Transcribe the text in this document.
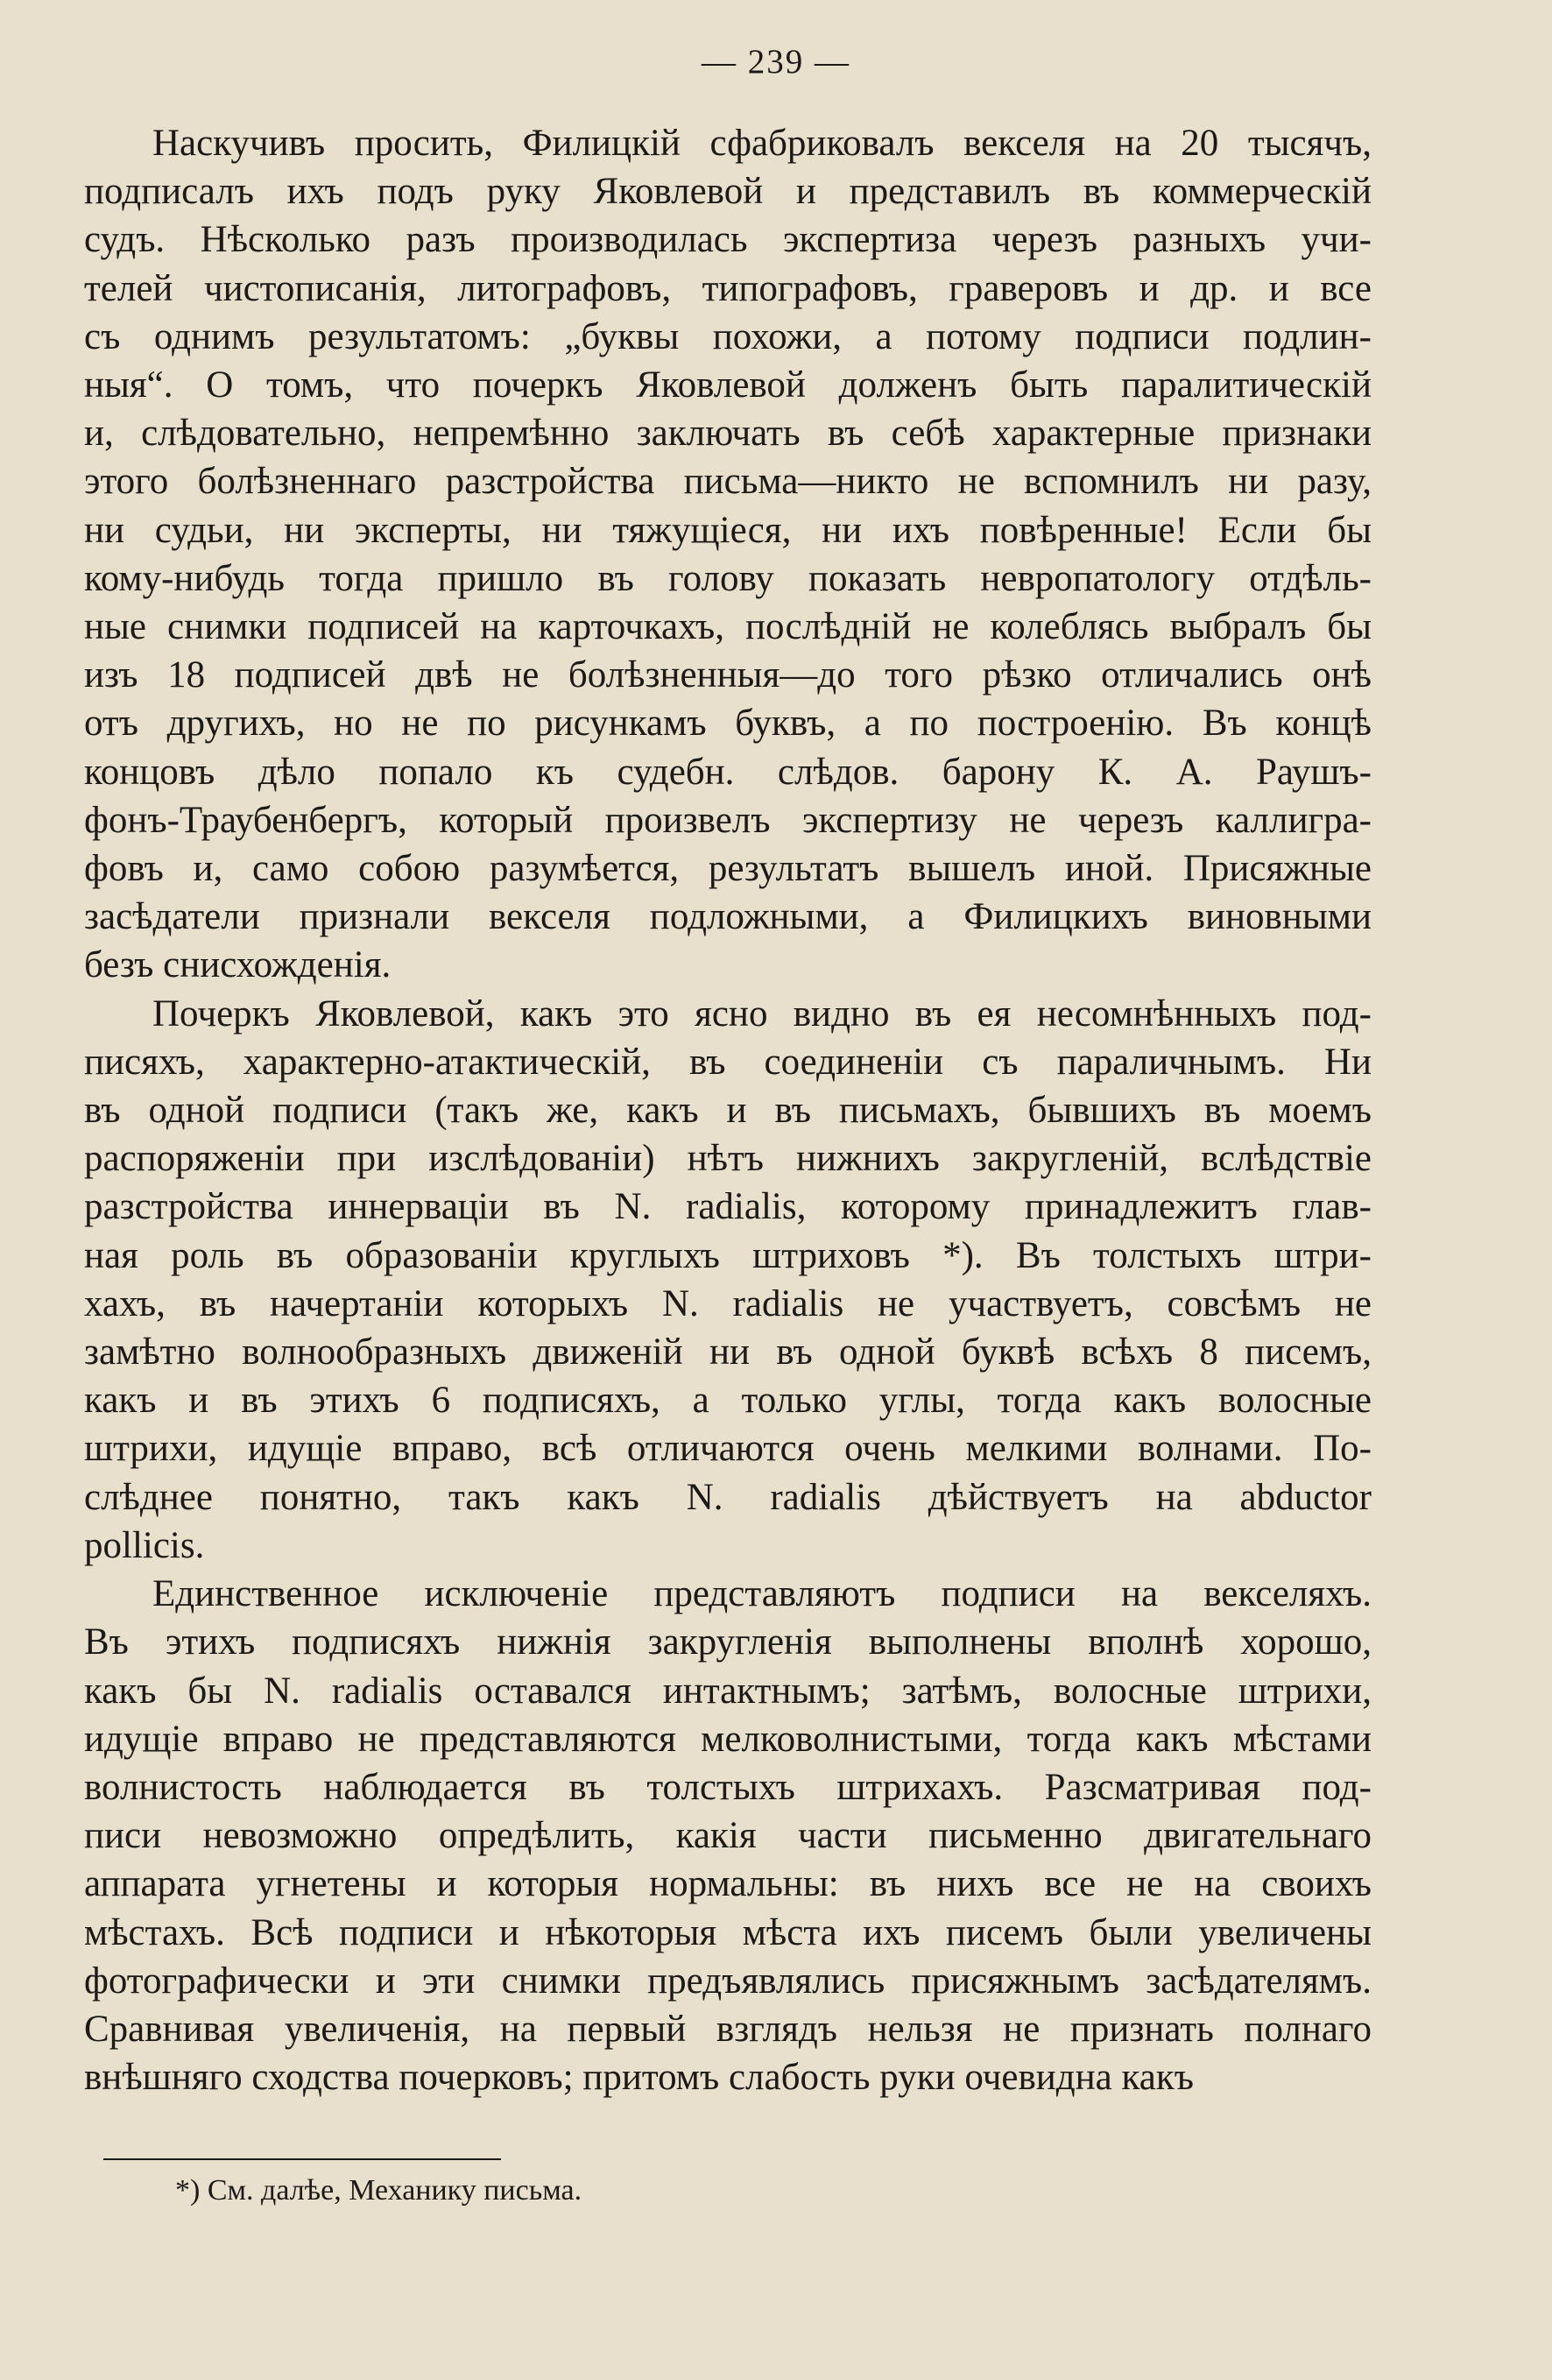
— 239 —

Наскучивъ просить, Филицкій сфабриковалъ векселя на 20 тысячъ,
подписалъ ихъ подъ руку Яковлевой и представилъ въ коммерческій
судъ. Нѣсколько разъ производилась экспертиза черезъ разныхъ учи-
телей чистописанія, литографовъ, типографовъ, граверовъ и др. и все
съ однимъ результатомъ: „буквы похожи, а потому подписи подлин-
ныя“. О томъ, что почеркъ Яковлевой долженъ быть паралитическій
и, слѣдовательно, непремѣнно заключать въ себѣ характерные признаки
этого болѣзненнаго разстройства письма—никто не вспомнилъ ни разу,
ни судьи, ни эксперты, ни тяжущіеся, ни ихъ повѣренные! Если бы
кому-нибудь тогда пришло въ голову показать невропатологу отдѣль-
ные снимки подписей на карточкахъ, послѣдній не колеблясь выбралъ бы
изъ 18 подписей двѣ не болѣзненныя—до того рѣзко отличались онѣ
отъ другихъ, но не по рисункамъ буквъ, а по построенію. Въ концѣ
концовъ дѣло попало къ судебн. слѣдов. барону К. А. Раушъ-
фонъ-Траубенбергъ, который произвелъ экспертизу не черезъ каллигра-
фовъ и, само собою разумѣется, результатъ вышелъ иной. Присяжные
засѣдатели признали векселя подложными, а Филицкихъ виновными
безъ снисхожденія.

Почеркъ Яковлевой, какъ это ясно видно въ ея несомнѣнныхъ под-
писяхъ, характерно-атактическій, въ соединеніи съ параличнымъ. Ни
въ одной подписи (такъ же, какъ и въ письмахъ, бывшихъ въ моемъ
распоряженіи при изслѣдованіи) нѣтъ нижнихъ закругленій, вслѣдствіе
разстройства иннерваціи въ N. radialis, которому принадлежитъ глав-
ная роль въ образованіи круглыхъ штриховъ *). Въ толстыхъ штри-
хахъ, въ начертаніи которыхъ N. radialis не участвуетъ, совсѣмъ не
замѣтно волнообразныхъ движеній ни въ одной буквѣ всѣхъ 8 писемъ,
какъ и въ этихъ 6 подписяхъ, а только углы, тогда какъ волосные
штрихи, идущіе вправо, всѣ отличаются очень мелкими волнами. По-
слѣднее понятно, такъ какъ N. radialis дѣйствуетъ на abductor
pollicis.

Единственное исключеніе представляютъ подписи на векселяхъ.
Въ этихъ подписяхъ нижнія закругленія выполнены вполнѣ хорошо,
какъ бы N. radialis оставался интактнымъ; затѣмъ, волосные штрихи,
идущіе вправо не представляются мелковолнистыми, тогда какъ мѣстами
волнистость наблюдается въ толстыхъ штрихахъ. Разсматривая под-
писи невозможно опредѣлить, какія части письменно двигательнаго
аппарата угнетены и которыя нормальны: въ нихъ все не на своихъ
мѣстахъ. Всѣ подписи и нѣкоторыя мѣста ихъ писемъ были увеличены
фотографически и эти снимки предъявлялись присяжнымъ засѣдателямъ.
Сравнивая увеличенія, на первый взглядъ нельзя не признать полнаго
внѣшняго сходства почерковъ; притомъ слабость руки очевидна какъ

*) См. далѣе, Механику письма.
